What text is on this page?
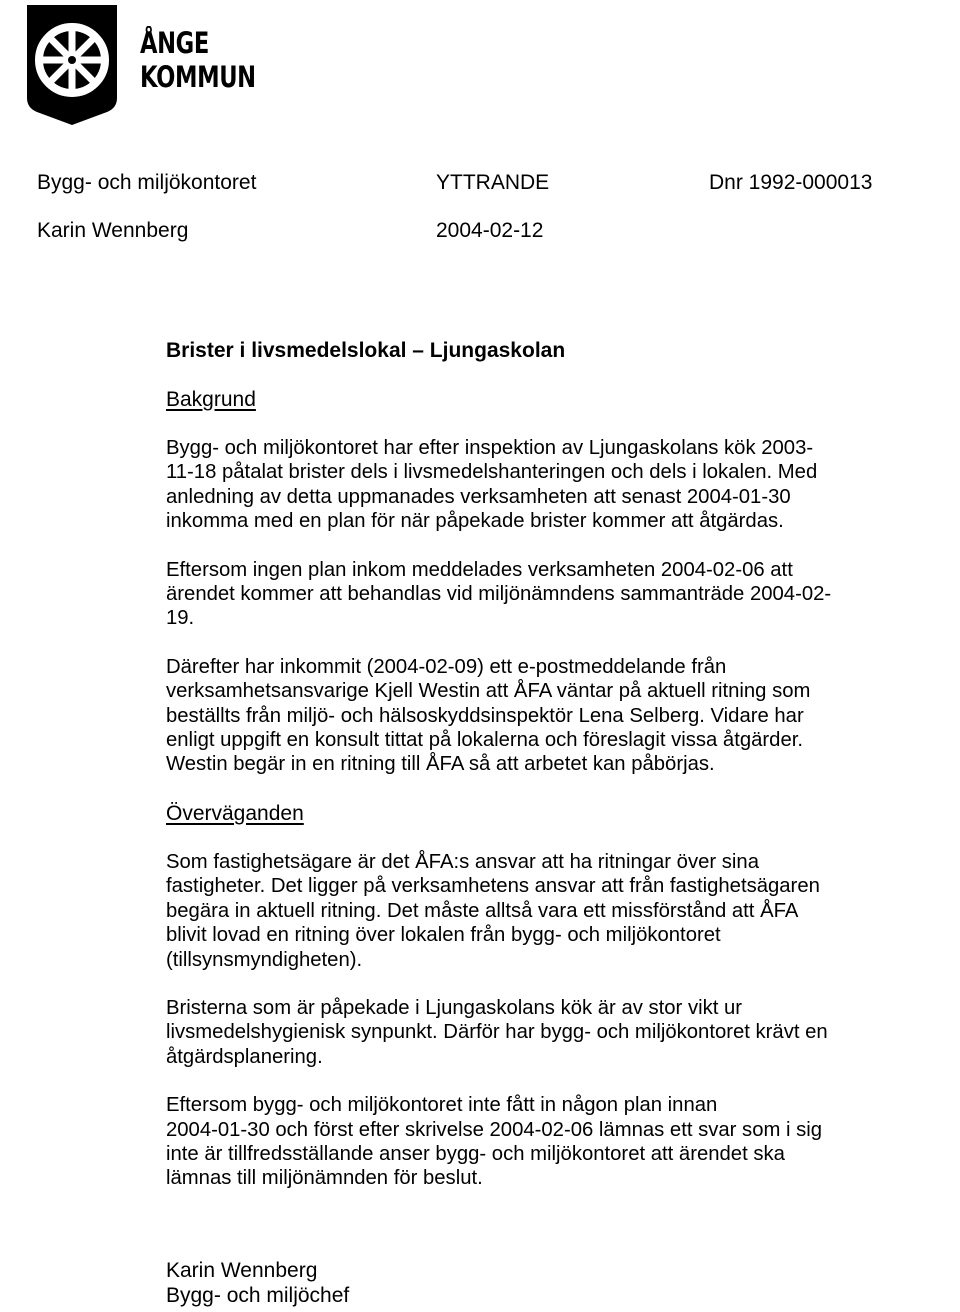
ÅNGE
KOMMUN
Bygg- och miljökontoret	YTTRANDE	Dnr 1992-000013
Karin Wennberg	2004-02-12
Brister i livsmedelslokal – Ljungaskolan
Bakgrund
Bygg- och miljökontoret har efter inspektion av Ljungaskolans kök 2003-
11-18 påtalat brister dels i livsmedelshanteringen och dels i lokalen. Med
anledning av detta uppmanades verksamheten att senast 2004-01-30
inkomma med en plan för när påpekade brister kommer att åtgärdas.
Eftersom ingen plan inkom meddelades verksamheten 2004-02-06 att
ärendet kommer att behandlas vid miljönämndens sammanträde 2004-02-
19.
Därefter har inkommit (2004-02-09) ett e-postmeddelande från
verksamhetsansvarige Kjell Westin att ÅFA väntar på aktuell ritning som
beställts från miljö- och hälsoskyddsinspektör Lena Selberg. Vidare har
enligt uppgift en konsult tittat på lokalerna och föreslagit vissa åtgärder.
Westin begär in en ritning till ÅFA så att arbetet kan påbörjas.
Överväganden
Som fastighetsägare är det ÅFA:s ansvar att ha ritningar över sina
fastigheter. Det ligger på verksamhetens ansvar att från fastighetsägaren
begära in aktuell ritning. Det måste alltså vara ett missförstånd att ÅFA
blivit lovad en ritning över lokalen från bygg- och miljökontoret
(tillsynsmyndigheten).
Bristerna som är påpekade i Ljungaskolans kök är av stor vikt ur
livsmedelshygienisk synpunkt. Därför har bygg- och miljökontoret krävt en
åtgärdsplanering.
Eftersom bygg- och miljökontoret inte fått in någon plan innan
2004-01-30 och först efter skrivelse 2004-02-06 lämnas ett svar som i sig
inte är tillfredsställande anser bygg- och miljökontoret att ärendet ska
lämnas till miljönämnden för beslut.
Karin Wennberg
Bygg- och miljöchef
